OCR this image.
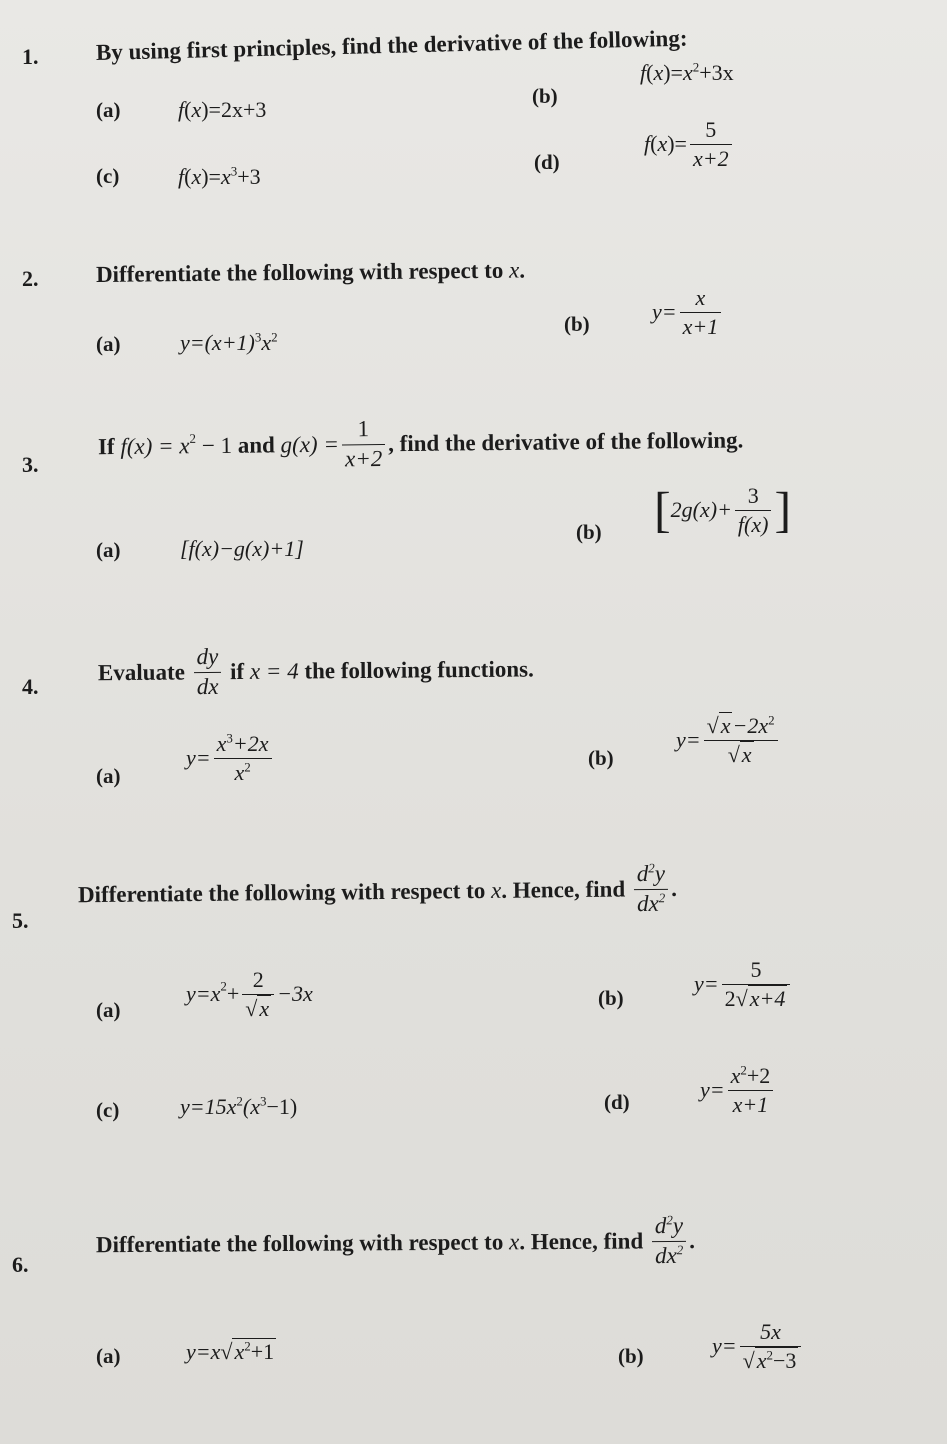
1. By using first principles, find the derivative of the following:
(a)	f(x)=2x+3
(b)
$f(x)=x^2+3x$
(c)	$f(x)=x^3+3$
(d)
$f(x)= \frac{5}{x+2}$
2. Differentiate the following with respect to x.
(a)	$y=(x+1)^3x^2$
(b)	$y= \frac{x}{x+1}$
3.
If $f(x) = x^2 - 1$ and $g(x) = \frac{1}{x+2}$ , find the derivative of the following.
(a)	[f(x)−g(x)+1]
(b) [$2g(x)+ \frac{3}{f(x)}$ ]
4.
Evaluate $\frac{dy}{dx}$ if x = 4 the following functions.
(a)
$y= \frac{x^3+2x}{x^2}$	(b)
$y= \frac{√x-2x^2}{√x}$
5.
Differentiate the following with respect to x. Hence, find $\frac{d^2y}{dx^2}$ .
(a)
$y=x^2+ \frac{2}{√x} -3x$	(b)
$y= \frac{5}{2√x+4}$
(c)	$y=15x^2(x^3-1)$	(d)	$y= \frac{x^2+2}{x+1}$
6.
Differentiate the following with respect to x. Hence, find $\frac{d^2y}{dx^2}$ .
(a)	$y=x√x^2+1$	(b)	$y= \frac{5x}{√x^2-3}$
